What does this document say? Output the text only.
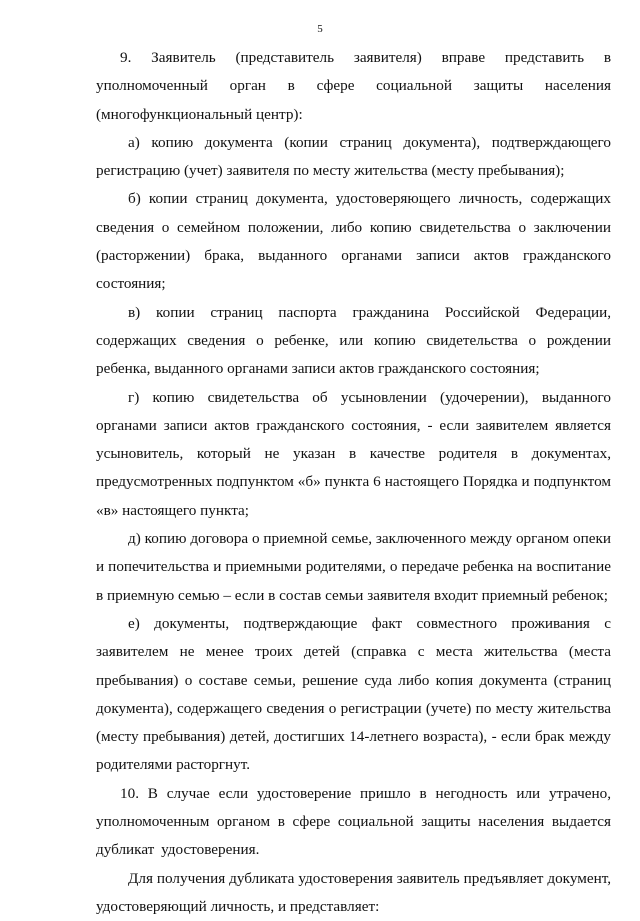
5

9. Заявитель (представитель заявителя) вправе представить в уполномоченный орган в сфере социальной защиты населения (многофункциональный центр):

а) копию документа (копии страниц документа), подтверждающего регистрацию (учет) заявителя по месту жительства (месту пребывания);

б) копии страниц документа, удостоверяющего личность, содержащих сведения о семейном положении, либо копию свидетельства о заключении (расторжении) брака, выданного органами записи актов гражданского состояния;

в) копии страниц паспорта гражданина Российской Федерации, содержащих сведения о ребенке, или копию свидетельства о рождении ребенка, выданного органами записи актов гражданского состояния;

г) копию свидетельства об усыновлении (удочерении), выданного органами записи актов гражданского состояния, - если заявителем является усыновитель, который не указан в качестве родителя в документах, предусмотренных подпунктом «б» пункта 6 настоящего Порядка и подпунктом «в» настоящего пункта;

д) копию договора о приемной семье, заключенного между органом опеки и попечительства и приемными родителями, о передаче ребенка на воспитание в приемную семью – если в состав семьи заявителя входит приемный ребенок;

е) документы, подтверждающие факт совместного проживания с заявителем не менее троих детей (справка с места жительства (места пребывания) о составе семьи, решение суда либо копия документа (страниц документа), содержащего сведения о регистрации (учете) по месту жительства (месту пребывания) детей, достигших 14-летнего возраста), - если брак между родителями расторгнут.

10. В случае если удостоверение пришло в негодность или утрачено, уполномоченным органом в сфере социальной защиты населения выдается дубликат удостоверения.

Для получения дубликата удостоверения заявитель предъявляет документ, удостоверяющий личность, и представляет:
